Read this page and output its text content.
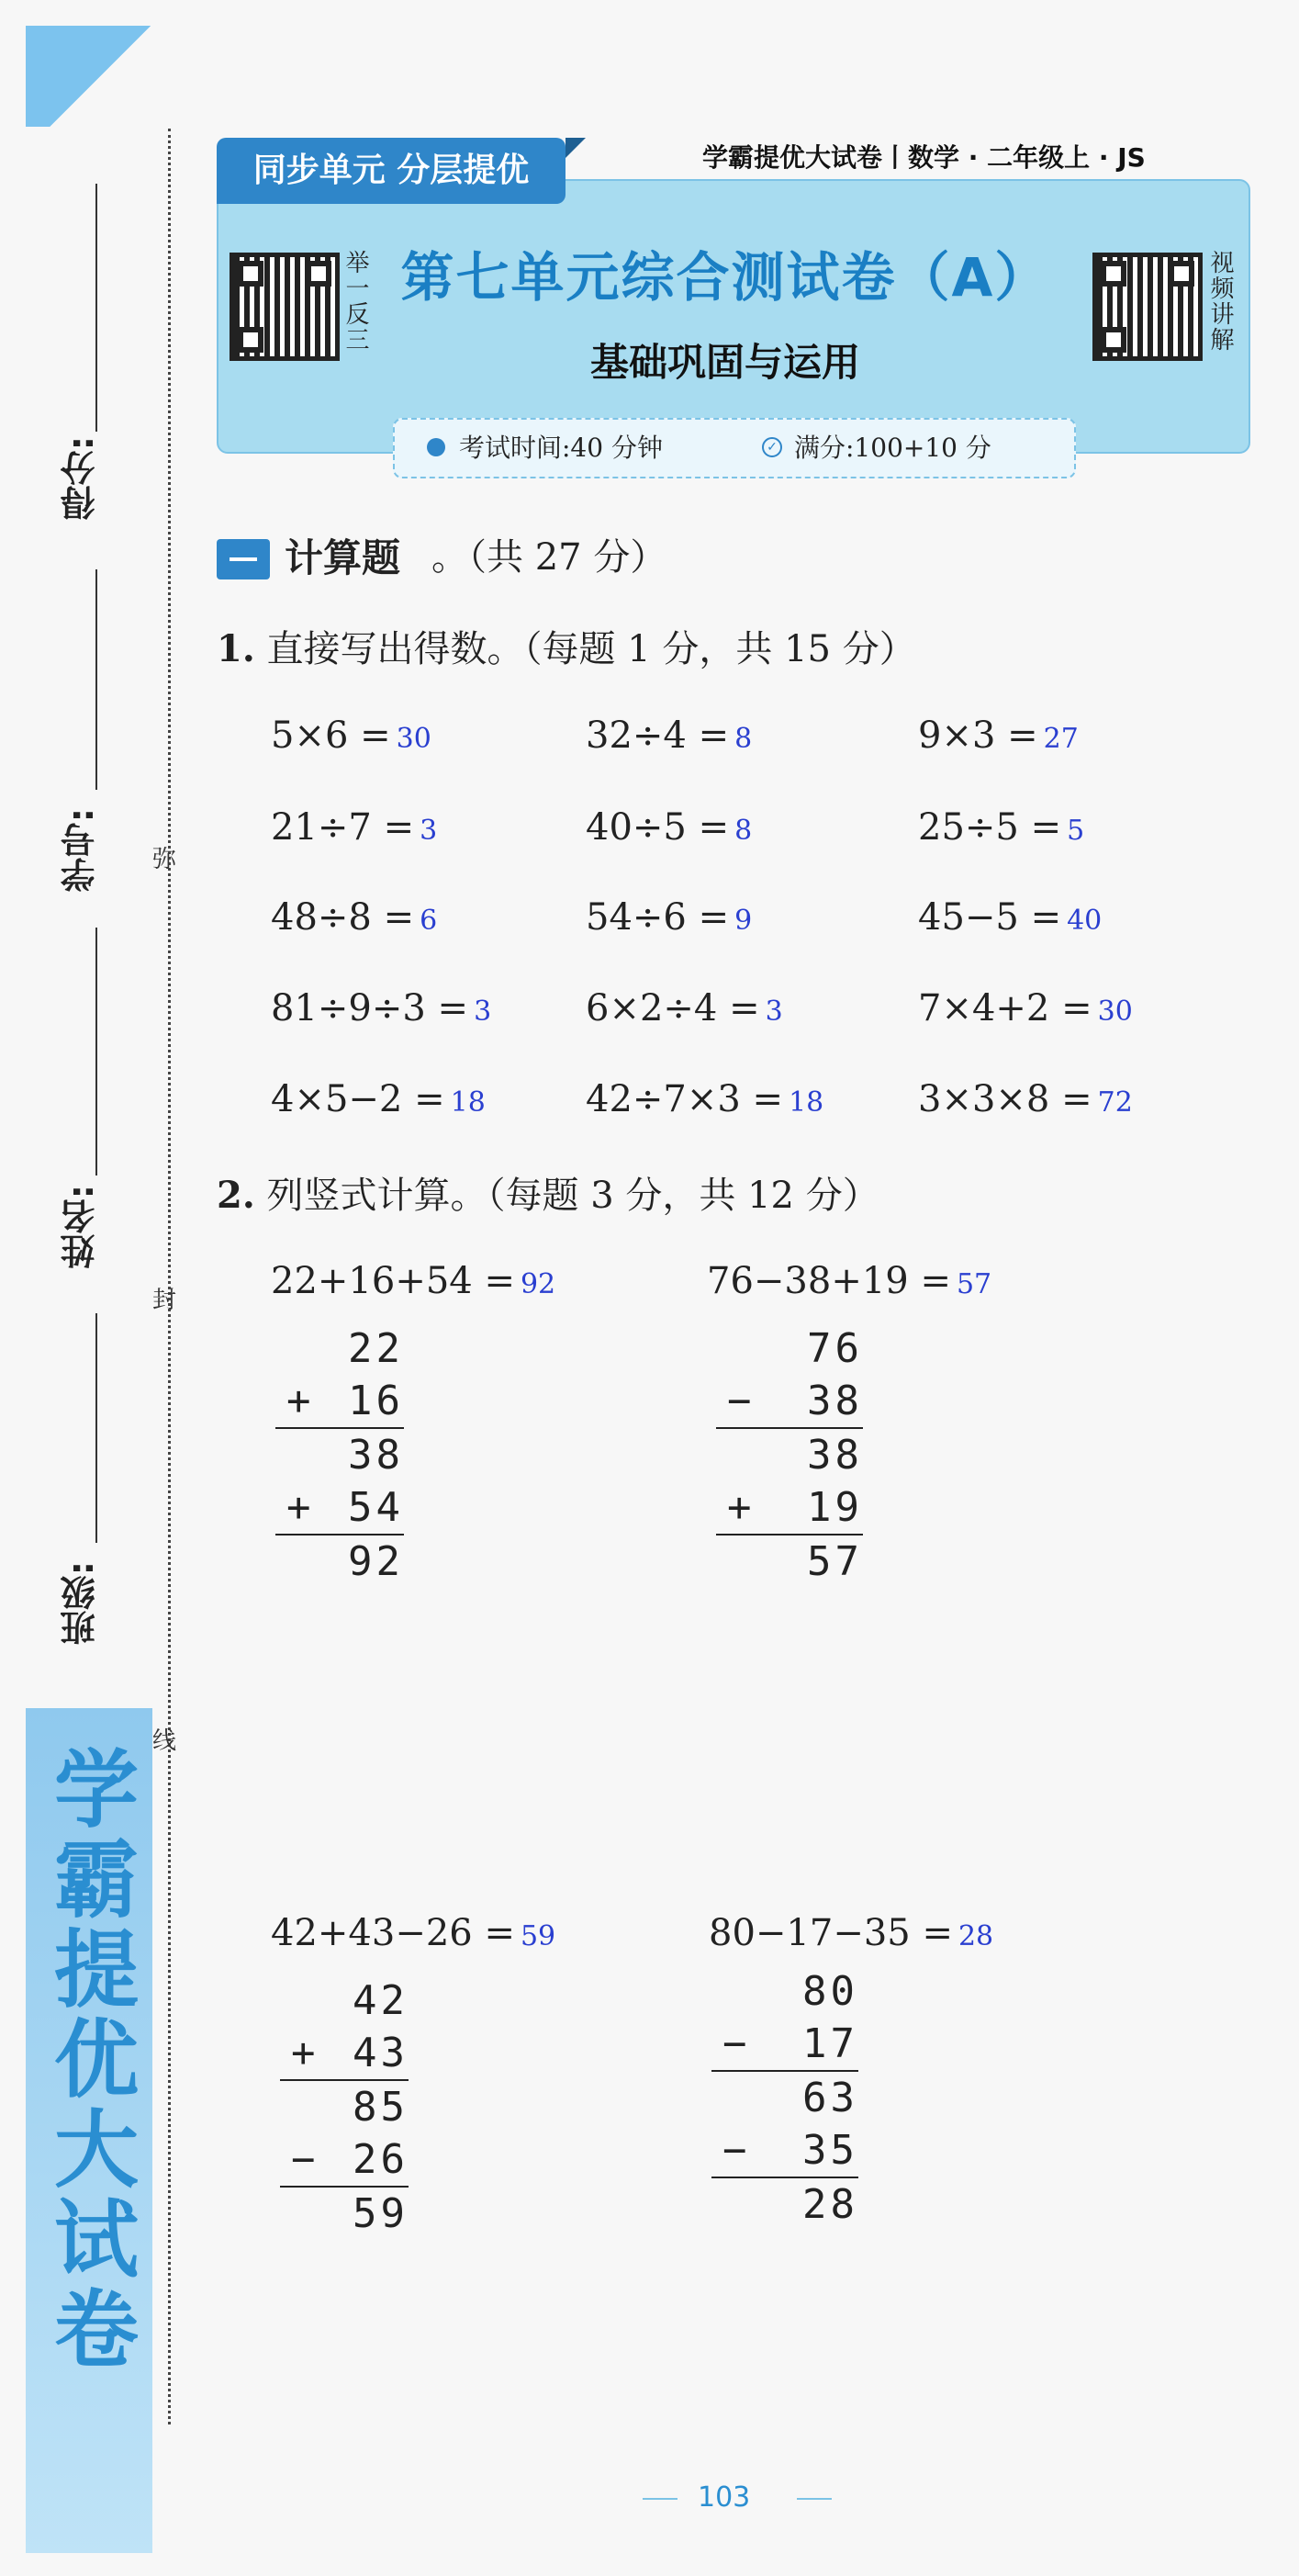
学霸提优大试卷
得分:
学号:
姓名:
班级:
弥
封
线
同步单元 分层提优	学霸提优大试卷丨数学 · 二年级上 · JS
举一反三	视频讲解
第七单元综合测试卷（A）
基础巩固与运用
考试时间:40 分钟	✓ 满分:100+10 分
计算题 。（共 27 分）
1. 直接写出得数。（每题 1 分，共 15 分）
5×6 = 30	32÷4 = 8	9×3 = 27
21÷7 = 3	40÷5 = 8	25÷5 = 5
48÷8 = 6	54÷6 = 9	45−5 = 40
81÷9÷3 = 3	6×2÷4 = 3	7×4+2 = 30
4×5−2 = 18	42÷7×3 = 18	3×3×8 = 72
2. 列竖式计算。（每题 3 分，共 12 分）
22+16+54 = 92
22
+ 16
38
+ 54
92
76−38+19 = 57
76
− 38
38
+ 19
57
42+43−26 = 59
42
+ 43
85
− 26
59
80−17−35 = 28
80
− 17
63
− 35
28
103
